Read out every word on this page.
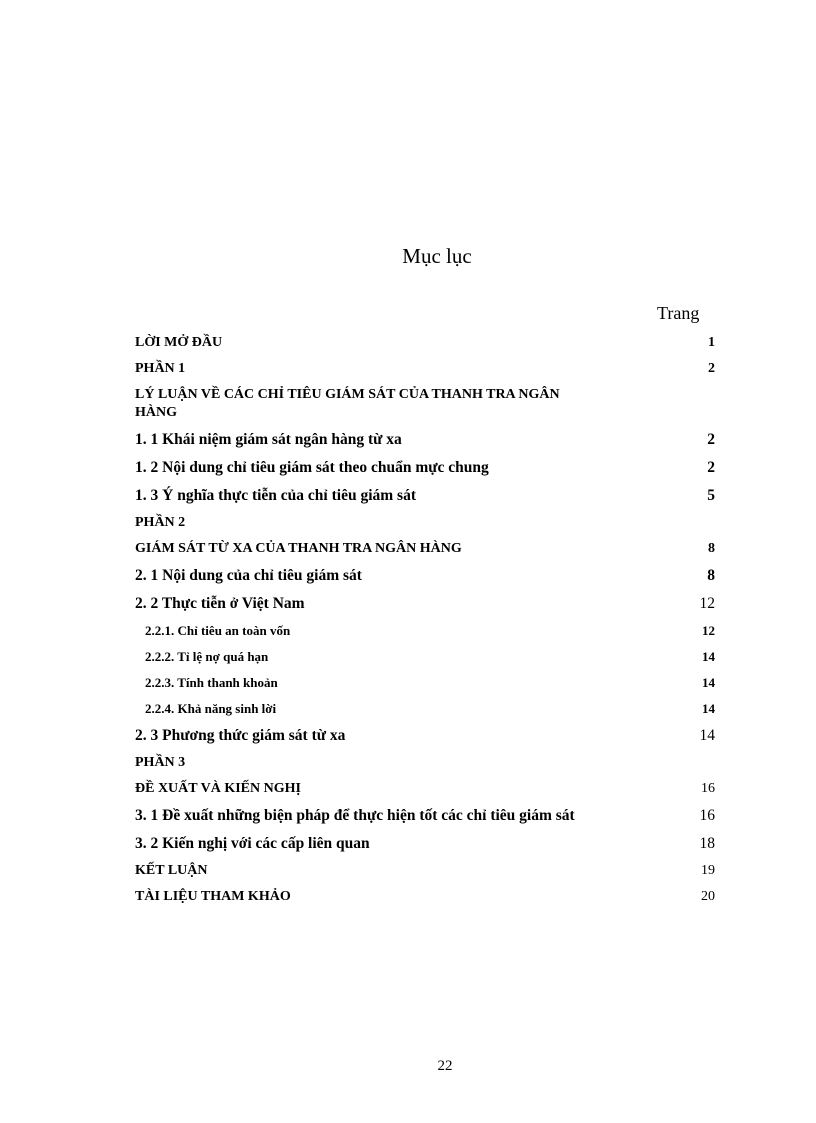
Mục lục
Trang
LỜI MỞ ĐẦU	1
PHẦN 1	2
LÝ LUẬN VỀ CÁC CHỈ TIÊU GIÁM SÁT CỦA THANH TRA NGÂN HÀNG
1. 1 Khái niệm giám sát ngân hàng từ xa	2
1. 2 Nội dung chỉ tiêu giám sát theo chuẩn mực chung	2
1. 3 Ý nghĩa thực tiễn của chỉ tiêu giám sát	5
PHẦN 2
GIÁM SÁT TỪ XA CỦA THANH TRA NGÂN HÀNG	8
2. 1 Nội dung của chỉ tiêu giám sát	8
2. 2 Thực tiễn ở Việt Nam	12
2.2.1. Chỉ tiêu an toàn vốn	12
2.2.2. Tỉ lệ nợ quá hạn	14
2.2.3. Tính thanh khoản	14
2.2.4. Khả năng sinh lời	14
2. 3 Phương thức giám sát từ xa	14
PHẦN 3
ĐỀ XUẤT VÀ KIẾN NGHỊ	16
3. 1 Đề xuất những biện pháp để thực hiện tốt các chỉ tiêu giám sát	16
3. 2 Kiến nghị với các cấp liên quan	18
KẾT LUẬN	19
TÀI LIỆU THAM KHẢO	20
22
